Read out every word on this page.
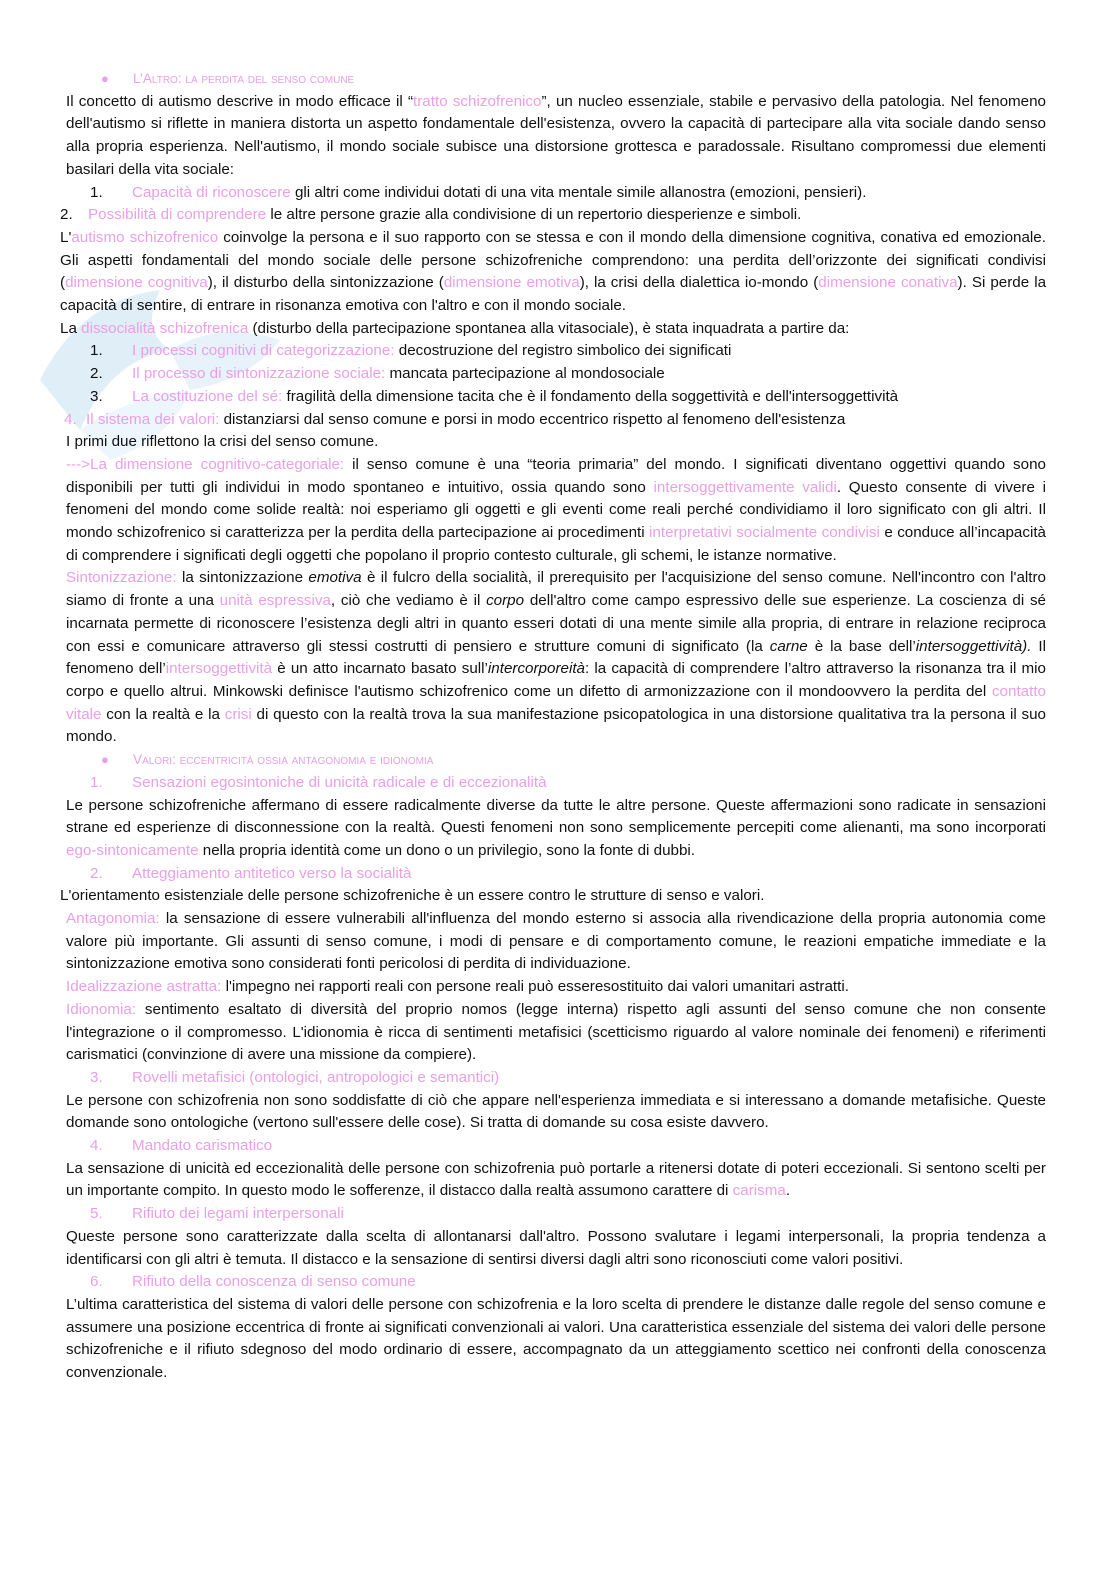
●	L’Altro: la perdita del senso comune

Il concetto di autismo descrive in modo efficace il “tratto schizofrenico”, un nucleo essenziale, stabile e pervasivo della patologia. Nel fenomeno dell'autismo si riflette in maniera distorta un aspetto fondamentale dell'esistenza, ovvero la capacità di partecipare alla vita sociale dando senso alla propria esperienza. Nell'autismo, il mondo sociale subisce una distorsione grottesca e paradossale. Risultano compromessi due elementi basilari della vita sociale:

1.	Capacità di riconoscere gli altri come individui dotati di una vita mentale simile allanostra (emozioni, pensieri).
2.	Possibilità di comprendere le altre persone grazie alla condivisione di un repertorio diesperienze e simboli.

L'autismo schizofrenico coinvolge la persona e il suo rapporto con se stessa e con il mondo della dimensione cognitiva, conativa ed emozionale. Gli aspetti fondamentali del mondo sociale delle persone schizofreniche comprendono: una perdita dell’orizzonte dei significati condivisi (dimensione cognitiva), il disturbo della sintonizzazione (dimensione emotiva), la crisi della dialettica io-mondo (dimensione conativa). Si perde la capacità di sentire, di entrare in risonanza emotiva con l'altro e con il mondo sociale.

La dissocialità schizofrenica (disturbo della partecipazione spontanea alla vitasociale), è stata inquadrata a partire da:

1.	I processi cognitivi di categorizzazione: decostruzione del registro simbolico dei significati
2.	Il processo di sintonizzazione sociale: mancata partecipazione al mondosociale
3.	La costituzione del sé: fragilità della dimensione tacita che è il fondamento della soggettività e dell'intersoggettività
4. Il sistema dei valori: distanziarsi dal senso comune e porsi in modo eccentrico rispetto al fenomeno dell'esistenza

I primi due riflettono la crisi del senso comune.

--->La dimensione cognitivo-categoriale: il senso comune è una “teoria primaria” del mondo. I significati diventano oggettivi quando sono disponibili per tutti gli individui in modo spontaneo e intuitivo, ossia quando sono intersoggettivamente validi. Questo consente di vivere i fenomeni del mondo come solide realtà: noi esperiamo gli oggetti e gli eventi come reali perché condividiamo il loro significato con gli altri. Il mondo schizofrenico si caratterizza per la perdita della partecipazione ai procedimenti interpretativi socialmente condivisi e conduce all’incapacità di comprendere i significati degli oggetti che popolano il proprio contesto culturale, gli schemi, le istanze normative.

Sintonizzazione: la sintonizzazione emotiva è il fulcro della socialità, il prerequisito per l'acquisizione del senso comune. Nell'incontro con l'altro siamo di fronte a una unità espressiva, ciò che vediamo è il corpo dell'altro come campo espressivo delle sue esperienze. La coscienza di sé incarnata permette di riconoscere l’esistenza degli altri in quanto esseri dotati di una mente simile alla propria, di entrare in relazione reciproca con essi e comunicare attraverso gli stessi costrutti di pensiero e strutture comuni di significato (la carne è la base dell’intersoggettività). Il fenomeno dell’intersoggettività è un atto incarnato basato sull’intercorporeità: la capacità di comprendere l’altro attraverso la risonanza tra il mio corpo e quello altrui. Minkowski definisce l'autismo schizofrenico come un difetto di armonizzazione con il mondoovvero la perdita del contatto vitale con la realtà e la crisi di questo con la realtà trova la sua manifestazione psicopatologica in una distorsione qualitativa tra la persona il suo mondo.

●	Valori: eccentricità ossia antagonomia e idionomia
1.	Sensazioni egosintoniche di unicità radicale e di eccezionalità

Le persone schizofreniche affermano di essere radicalmente diverse da tutte le altre persone. Queste affermazioni sono radicate in sensazioni strane ed esperienze di disconnessione con la realtà. Questi fenomeni non sono semplicemente percepiti come alienanti, ma sono incorporati ego-sintonicamente nella propria identità come un dono o un privilegio, sono la fonte di dubbi.

2.	Atteggiamento antitetico verso la socialità

L'orientamento esistenziale delle persone schizofreniche è un essere contro le strutture di senso e valori.

Antagonomia: la sensazione di essere vulnerabili all'influenza del mondo esterno si associa alla rivendicazione della propria autonomia come valore più importante. Gli assunti di senso comune, i modi di pensare e di comportamento comune, le reazioni empatiche immediate e la sintonizzazione emotiva sono considerati fonti pericolosi di perdita di individuazione.

Idealizzazione astratta: l'impegno nei rapporti reali con persone reali può esseresostituito dai valori umanitari astratti.

Idionomia: sentimento esaltato di diversità del proprio nomos (legge interna) rispetto agli assunti del senso comune che non consente l'integrazione o il compromesso. L'idionomia è ricca di sentimenti metafisici (scetticismo riguardo al valore nominale dei fenomeni) e riferimenti carismatici (convinzione di avere una missione da compiere).

3.	Rovelli metafisici (ontologici, antropologici e semantici)

Le persone con schizofrenia non sono soddisfatte di ciò che appare nell'esperienza immediata e si interessano a domande metafisiche. Queste domande sono ontologiche (vertono sull'essere delle cose). Si tratta di domande su cosa esiste davvero.

4.	Mandato carismatico

La sensazione di unicità ed eccezionalità delle persone con schizofrenia può portarle a ritenersi dotate di poteri eccezionali. Si sentono scelti per un importante compito. In questo modo le sofferenze, il distacco dalla realtà assumono carattere di carisma.

5.	Rifiuto dei legami interpersonali

Queste persone sono caratterizzate dalla scelta di allontanarsi dall'altro. Possono svalutare i legami interpersonali, la propria tendenza a identificarsi con gli altri è temuta. Il distacco e la sensazione di sentirsi diversi dagli altri sono riconosciuti come valori positivi.

6.	Rifiuto della conoscenza di senso comune

L’ultima caratteristica del sistema di valori delle persone con schizofrenia e la loro scelta di prendere le distanze dalle regole del senso comune e assumere una posizione eccentrica di fronte ai significati convenzionali ai valori. Una caratteristica essenziale del sistema dei valori delle persone schizofreniche e il rifiuto sdegnoso del modo ordinario di essere, accompagnato da un atteggiamento scettico nei confronti della conoscenza convenzionale.
